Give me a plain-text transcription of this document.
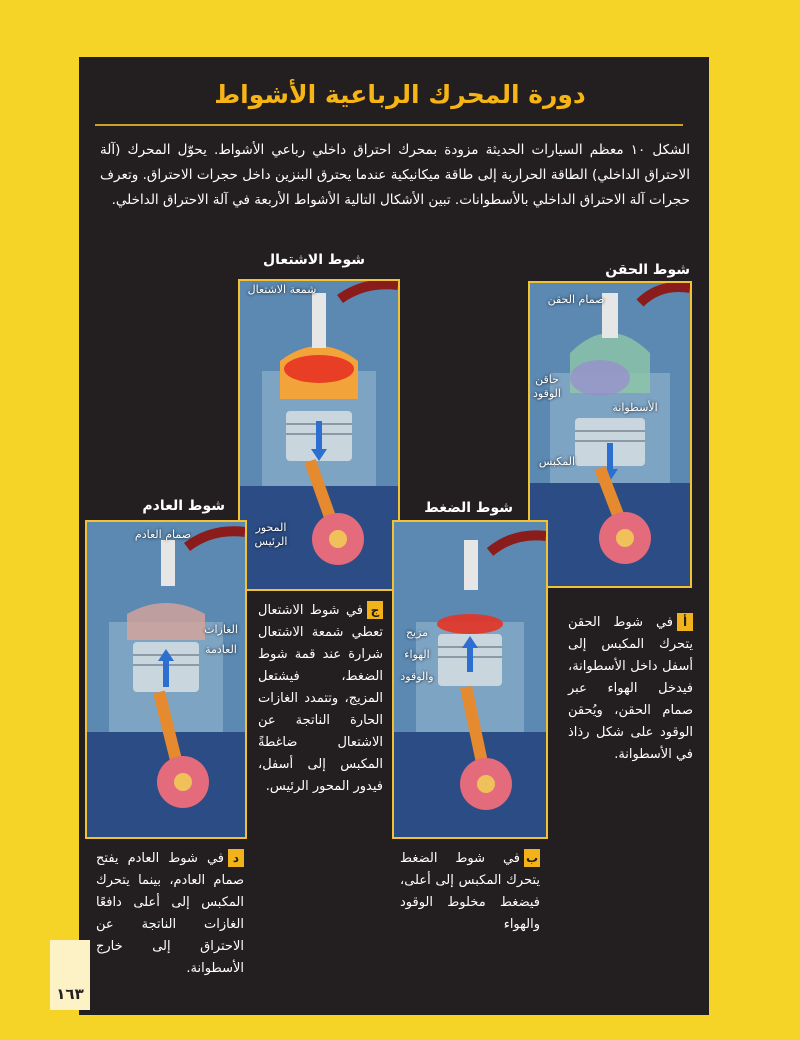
دورة المحرك الرباعية الأشواط
الشكل ١٠ معظم السيارات الحديثة مزودة بمحرك احتراق داخلي رباعي الأشواط. يحوّل المحرك (آلة الاحتراق الداخلي) الطاقة الحرارية إلى طاقة ميكانيكية عندما يحترق البنزين داخل حجرات الاحتراق. وتعرف حجرات آلة الاحتراق الداخلي بالأسطوانات. تبين الأشكال التالية الأشواط الأربعة في آلة الاحتراق الداخلي.
شوط الحقن
صمام الحقن
حاقن الوقود
الأسطوانة
المكبس
أفي شوط الحقن يتحرك المكبس إلى أسفل داخل الأسطوانة، فيدخل الهواء عبر صمام الحقن، ويُحقن الوقود على شكل رذاذ في الأسطوانة.
شوط الاشتعال
شمعة الاشتعال
المحور الرئيس
جفي شوط الاشتعال تعطي شمعة الاشتعال شرارة عند قمة شوط الضغط، فيشتعل المزيج، وتتمدد الغازات الحارة الناتجة عن الاشتعال ضاغطةً المكبس إلى أسفل، فيدور المحور الرئيس.
شوط الضغط
مزيج الهواء والوقود
بفي شوط الضغط يتحرك المكبس إلى أعلى، فيضغط مخلوط الوقود والهواء
شوط العادم
صمام العادم
الغازات العادمة
دفي شوط العادم يفتح صمام العادم، بينما يتحرك المكبس إلى أعلى دافعًا الغازات الناتجة عن الاحتراق إلى خارج الأسطوانة.
١٦٣
